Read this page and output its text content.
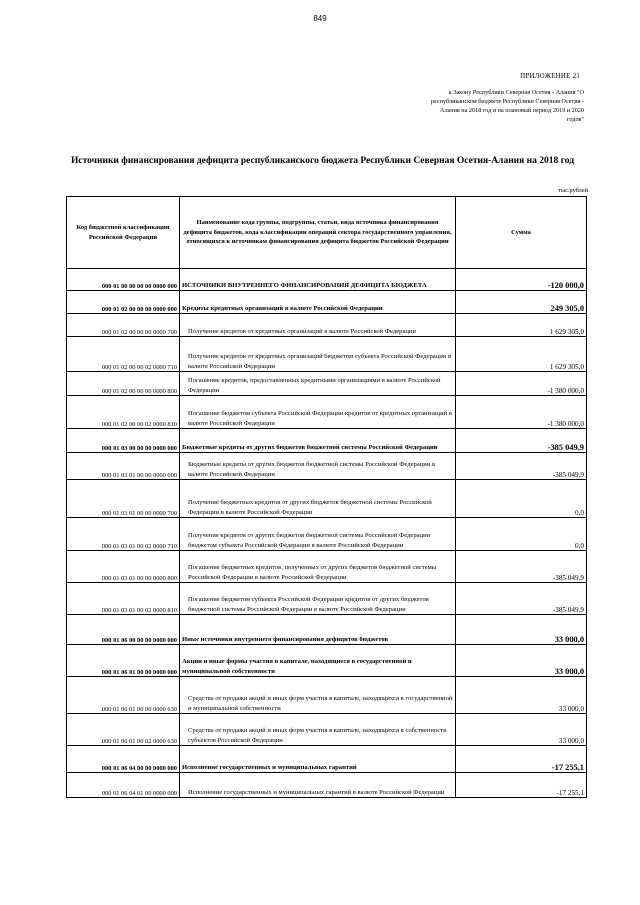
849
ПРИЛОЖЕНИЕ 21
к Закону Республики Северная Осетия - Алания "О республиканском бюджете Республики Северная Осетия - Алания на 2018 год и на плановый период 2019 и 2020 годов"
Источники финансирования дефицита республиканского бюджета Республики Северная Осетия-Алания на 2018 год
тыс.рублей
Код бюджетной классификации Российской Федерации	Наименование кода группы, подгруппы, статьи, вида источника финансирования дефицита бюджетов, кода классификации операций сектора государственного управления, относящихся к источникам финансирования дефицита бюджетов Российской Федерации	Сумма
000 01 00 00 00 00 0000 000	ИСТОЧНИКИ ВНУТРЕННЕГО ФИНАНСИРОВАНИЯ ДЕФИЦИТА БЮДЖЕТА	-120 000,0
000 01 02 00 00 00 0000 000	Кредиты кредитных организаций в валюте Российской Федерации	249 305,0
000 01 02 00 00 00 0000 700	Получение кредитов от кредитных организаций в валюте Российской Федерации	1 629 305,0
000 01 02 00 00 02 0000 710	Получение кредитов от кредитных организаций бюджетом субъекта Российской Федерации в валюте Российской Федерации	1 629 305,0
000 01 02 00 00 00 0000 800	Погашение кредитов, предоставленных кредитными организациями в валюте Российской Федерации	-1 380 000,0
000 01 02 00 00 02 0000 810	Погашение бюджетом субъекта Российской Федерации кредитов от кредитных организаций в валюте Российской Федерации	-1 380 000,0
000 01 03 00 00 00 0000 000	Бюджетные кредиты от других бюджетов бюджетной системы Российской Федерации	-385 049,9
000 01 03 01 00 00 0000 000	Бюджетные кредиты от других бюджетов бюджетной системы Российской Федерации в валюте Российской Федерации	-385 049,9
000 01 03 01 00 00 0000 700	Получение бюджетных кредитов от других бюджетов бюджетной системы Российской Федерации в валюте Российской Федерации	0,0
000 01 03 01 00 02 0000 710	Получение кредитов от других бюджетов бюджетной системы Российской Федерации бюджетом субъекта Российской Федерации в валюте Российской Федерации	0,0
000 01 03 01 00 00 0000 800	Погашение бюджетных кредитов, полученных от других бюджетов бюджетной системы Российской Федерации в валюте Российской Федерации	-385 049,9
000 01 03 01 00 02 0000 810	Погашение бюджетом субъекта Российской Федерации кредитов от других бюджетов бюджетной системы Российской Федерации в валюте Российской Федерации	-385 049,9
000 01 06 00 00 00 0000 000	Иные источники внутреннего финансирования дефицитов бюджетов	33 000,0
000 01 06 01 00 00 0000 000	Акции и иные формы участия в капитале, находящиеся в государственной и муниципальной собственности	33 000,0
000 01 06 01 00 00 0000 630	Средства от продажи акций и иных форм участия в капитале, находящихся в государственной и муниципальной собственности	33 000,0
000 01 06 01 00 02 0000 630	Средства от продажи акций и иных форм участия в капитале, находящихся в собственности субъектов Российской Федерации	33 000,0
000 01 06 04 00 00 0000 000	Исполнение государственных и муниципальных гарантий	-17 255,1
000 01 06 04 01 00 0000 000	Исполнение государственных и муниципальных гарантий в валюте Российской Федерации	-17 255,1
